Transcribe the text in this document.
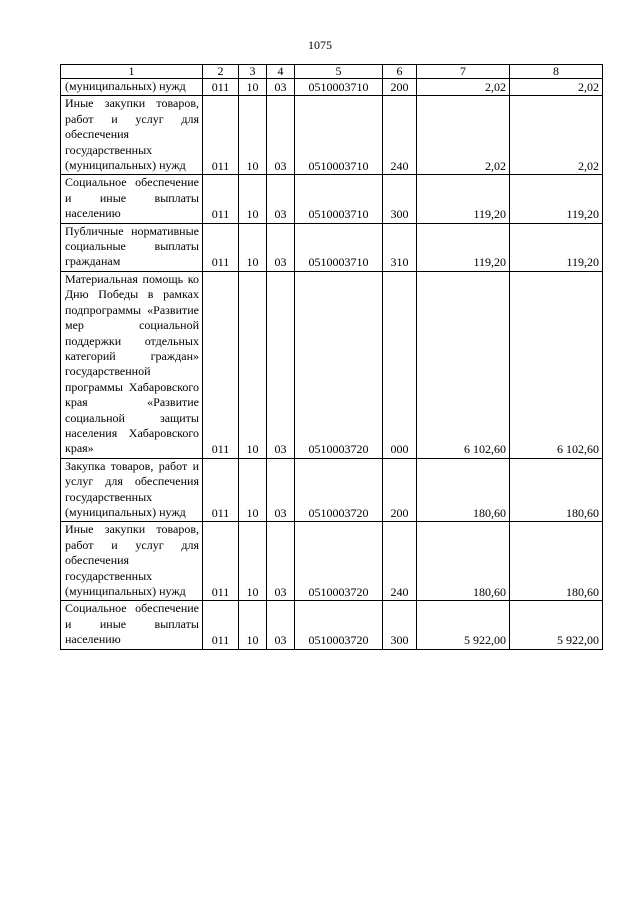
1075
1	2	3	4	5	6	7	8
(муниципальных) нужд	011	10	03	0510003710	200	2,02	2,02
Иные закупки товаров, работ и услуг для обеспечения государственных (муниципальных) нужд	011	10	03	0510003710	240	2,02	2,02
Социальное обеспечение и иные выплаты населению	011	10	03	0510003710	300	119,20	119,20
Публичные нормативные социальные выплаты гражданам	011	10	03	0510003710	310	119,20	119,20
Материальная помощь ко Дню Победы в рамках подпрограммы «Развитие мер социальной поддержки отдельных категорий граждан» государственной программы Хабаровского края «Развитие социальной защиты населения Хабаровского края»	011	10	03	0510003720	000	6 102,60	6 102,60
Закупка товаров, работ и услуг для обеспечения государственных (муниципальных) нужд	011	10	03	0510003720	200	180,60	180,60
Иные закупки товаров, работ и услуг для обеспечения государственных (муниципальных) нужд	011	10	03	0510003720	240	180,60	180,60
Социальное обеспечение и иные выплаты населению	011	10	03	0510003720	300	5 922,00	5 922,00
